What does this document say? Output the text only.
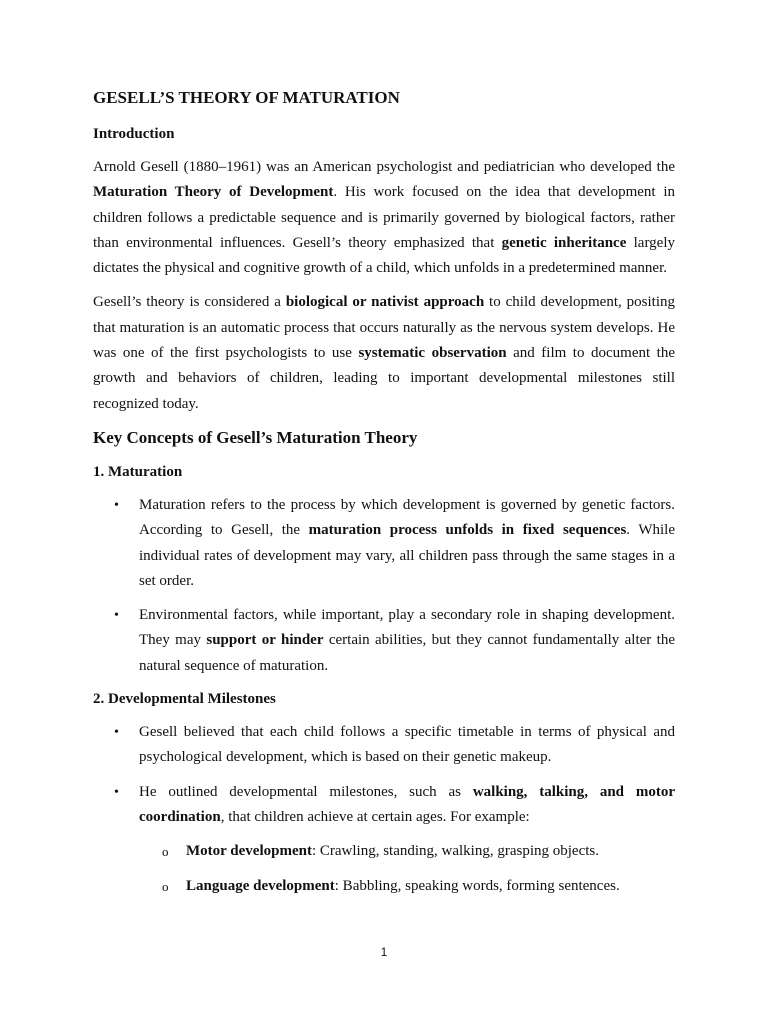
GESELL’S THEORY OF MATURATION
Introduction

Arnold Gesell (1880–1961) was an American psychologist and pediatrician who developed the Maturation Theory of Development. His work focused on the idea that development in children follows a predictable sequence and is primarily governed by biological factors, rather than environmental influences. Gesell’s theory emphasized that genetic inheritance largely dictates the physical and cognitive growth of a child, which unfolds in a predetermined manner.

Gesell’s theory is considered a biological or nativist approach to child development, positing that maturation is an automatic process that occurs naturally as the nervous system develops. He was one of the first psychologists to use systematic observation and film to document the growth and behaviors of children, leading to important developmental milestones still recognized today.

Key Concepts of Gesell’s Maturation Theory
1. Maturation
• Maturation refers to the process by which development is governed by genetic factors. According to Gesell, the maturation process unfolds in fixed sequences. While individual rates of development may vary, all children pass through the same stages in a set order.
• Environmental factors, while important, play a secondary role in shaping development. They may support or hinder certain abilities, but they cannot fundamentally alter the natural sequence of maturation.
2. Developmental Milestones
• Gesell believed that each child follows a specific timetable in terms of physical and psychological development, which is based on their genetic makeup.
• He outlined developmental milestones, such as walking, talking, and motor coordination, that children achieve at certain ages. For example:
o Motor development: Crawling, standing, walking, grasping objects.
o Language development: Babbling, speaking words, forming sentences.
1
